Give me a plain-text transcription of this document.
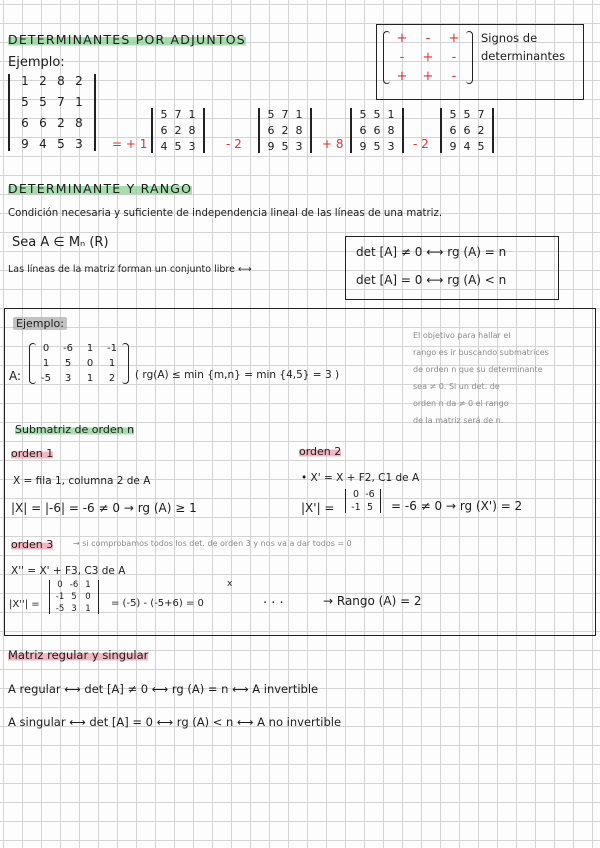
DETERMINANTES POR ADJUNTOS
Ejemplo:
1 2 8 2
5 5 7 1
6 6 2 8
9 4 5 3	= + 1
5 7 1
6 2 8
4 5 3	- 2
5 7 1
6 2 8
9 5 3 + 8
5 5 1
6 6 8
9 5 3 - 2
5 5 7
6 6 2
9 4 5
+	-	+
-	+	-
+	+	-
Signos de
determinantes
DETERMINANTE Y RANGO
Condición necesaria y suficiente de independencia lineal de las líneas de una matriz.
Sea A ∈ Mₙ (R)
Las líneas de la matriz forman un conjunto libre ⟷
det [A] ≠ 0 ⟷ rg (A) = n
det [A] = 0 ⟷ rg (A) < n
Ejemplo:
A:
0	-6	1	-1
1	5	0	1
-5	3	1	2	( rg(A) ≤ min {m,n} = min {4,5} = 3 )
El objetivo para hallar el
rango es ir buscando submatrices
de orden n que su determinante
sea ≠ 0. Si un det. de
orden n da ≠ 0 el rango
de la matriz será de n.
Submatriz de orden n
orden 1
X = fila 1, columna 2 de A
|X| = |-6| = -6 ≠ 0 → rg (A) ≥ 1
orden 2
• X' = X + F2, C1 de A
|X'| =
0 -6
-1 5	= -6 ≠ 0 → rg (X') = 2
orden 3 → si comprobamos todos los det. de orden 3 y nos va a dar todos = 0
X'' = X' + F3, C3 de A
|X''| =
0 -6 1
-1 5	0
-5 3	1	= (-5) - (-5+6) = 0
x
. . .	→ Rango (A) = 2
Matriz regular y singular
A regular ⟷ det [A] ≠ 0 ⟷ rg (A) = n ⟷ A invertible
A singular ⟷ det [A] = 0 ⟷ rg (A) < n ⟷ A no invertible
